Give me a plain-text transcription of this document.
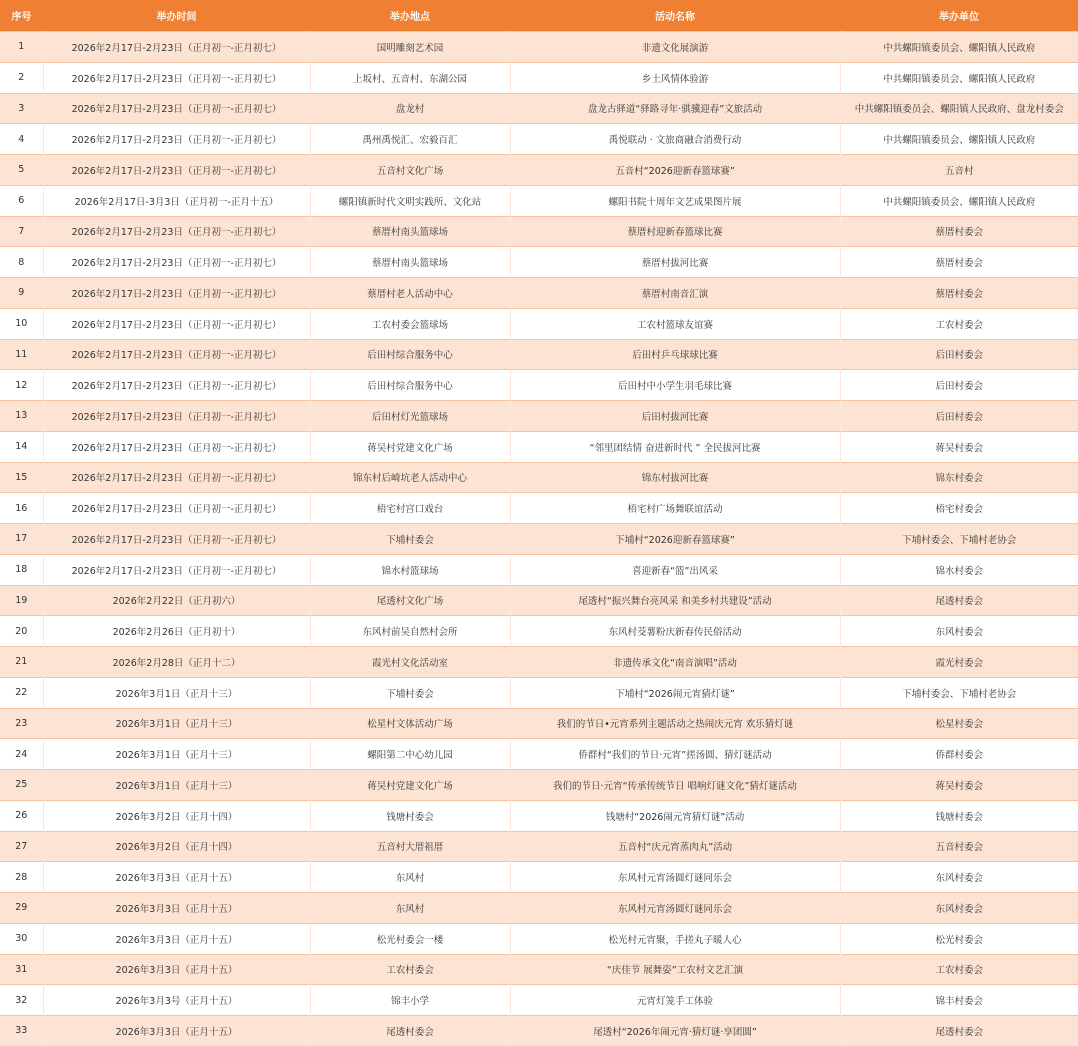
序号	举办时间	举办地点	活动名称	举办单位
1	2026年2月17日-2月23日（正月初一-正月初七）	国明雕刻艺术园	非遗文化展演游	中共螺阳镇委员会、螺阳镇人民政府
2	2026年2月17日-2月23日（正月初一-正月初七）	上坂村、五音村、东湖公园	乡土风情体验游	中共螺阳镇委员会、螺阳镇人民政府
3	2026年2月17日-2月23日（正月初一-正月初七）	盘龙村	盘龙古驿道“驿路寻年·骐骥迎春”文旅活动	中共螺阳镇委员会、螺阳镇人民政府、盘龙村委会
4	2026年2月17日-2月23日（正月初一-正月初七）	禹州禹悦汇、宏毅百汇	禹悦联动 · 文旅商融合消费行动	中共螺阳镇委员会、螺阳镇人民政府
5	2026年2月17日-2月23日（正月初一-正月初七）	五音村文化广场	五音村“2026迎新春篮球赛”	五音村
6	2026年2月17日-3月3日（正月初一-正月十五）	螺阳镇新时代文明实践所、文化站	螺阳书院十周年文艺成果图片展	中共螺阳镇委员会、螺阳镇人民政府
7	2026年2月17日-2月23日（正月初一-正月初七）	蔡厝村南头篮球场	蔡厝村迎新春篮球比赛	蔡厝村委会
8	2026年2月17日-2月23日（正月初一-正月初七）	蔡厝村南头篮球场	蔡厝村拔河比赛	蔡厝村委会
9	2026年2月17日-2月23日（正月初一-正月初七）	蔡厝村老人活动中心	蔡厝村南音汇演	蔡厝村委会
10	2026年2月17日-2月23日（正月初一-正月初七）	工农村委会篮球场	工农村篮球友谊赛	工农村委会
11	2026年2月17日-2月23日（正月初一-正月初七）	后田村综合服务中心	后田村乒乓球球比赛	后田村委会
12	2026年2月17日-2月23日（正月初一-正月初七）	后田村综合服务中心	后田村中小学生羽毛球比赛	后田村委会
13	2026年2月17日-2月23日（正月初一-正月初七）	后田村灯光篮球场	后田村拔河比赛	后田村委会
14	2026年2月17日-2月23日（正月初一-正月初七）	蒋吴村党建文化广场	“邻里团结情 奋进新时代 ” 全民拔河比赛	蒋吴村委会
15	2026年2月17日-2月23日（正月初一-正月初七）	锦东村后崎坑老人活动中心	锦东村拔河比赛	锦东村委会
16	2026年2月17日-2月23日（正月初一-正月初七）	梧宅村宫口戏台	梧宅村广场舞联谊活动	梧宅村委会
17	2026年2月17日-2月23日（正月初一-正月初七）	下埔村委会	下埔村“2026迎新春篮球赛”	下埔村委会、下埔村老协会
18	2026年2月17日-2月23日（正月初一-正月初七）	锦水村篮球场	喜迎新春“篮”出风采	锦水村委会
19	2026年2月22日（正月初六）	尾透村文化广场	尾透村“振兴舞台亮风采 和美乡村共建设”活动	尾透村委会
20	2026年2月26日（正月初十）	东风村前吴自然村会所	东风村茭薯粉庆新春传民俗活动	东风村委会
21	2026年2月28日（正月十二）	霞光村文化活动室	非遗传承文化“南音演唱”活动	霞光村委会
22	2026年3月1日（正月十三）	下埔村委会	下埔村“2026闹元宵猜灯谜”	下埔村委会、下埔村老协会
23	2026年3月1日（正月十三）	松星村文体活动广场	我们的节日•元宵系列主题活动之热闹庆元宵 欢乐猜灯谜	松星村委会
24	2026年3月1日（正月十三）	螺阳第二中心幼儿园	侨群村“我们的节日·元宵”搓汤圆、猜灯谜活动	侨群村委会
25	2026年3月1日（正月十三）	蒋吴村党建文化广场	我们的节日·元宵“传承传统节日 唱响灯谜文化”猜灯谜活动	蒋吴村委会
26	2026年3月2日（正月十四）	钱塘村委会	钱塘村“2026闹元宵猜灯谜”活动	钱塘村委会
27	2026年3月2日（正月十四）	五音村大厝祖厝	五音村“庆元宵蒸肉丸”活动	五音村委会
28	2026年3月3日（正月十五）	东风村	东风村元宵汤圆灯谜同乐会	东风村委会
29	2026年3月3日（正月十五）	东风村	东风村元宵汤圆灯谜同乐会	东风村委会
30	2026年3月3日（正月十五）	松光村委会一楼	松光村元宵聚，手搓丸子暖人心	松光村委会
31	2026年3月3日（正月十五）	工农村委会	“庆佳节 展舞姿”工农村文艺汇演	工农村委会
32	2026年3月3号（正月十五）	锦丰小学	元宵灯笼手工体验	锦丰村委会
33	2026年3月3日（正月十五）	尾透村委会	尾透村“2026年闹元宵·猜灯谜·享团圆”	尾透村委会
